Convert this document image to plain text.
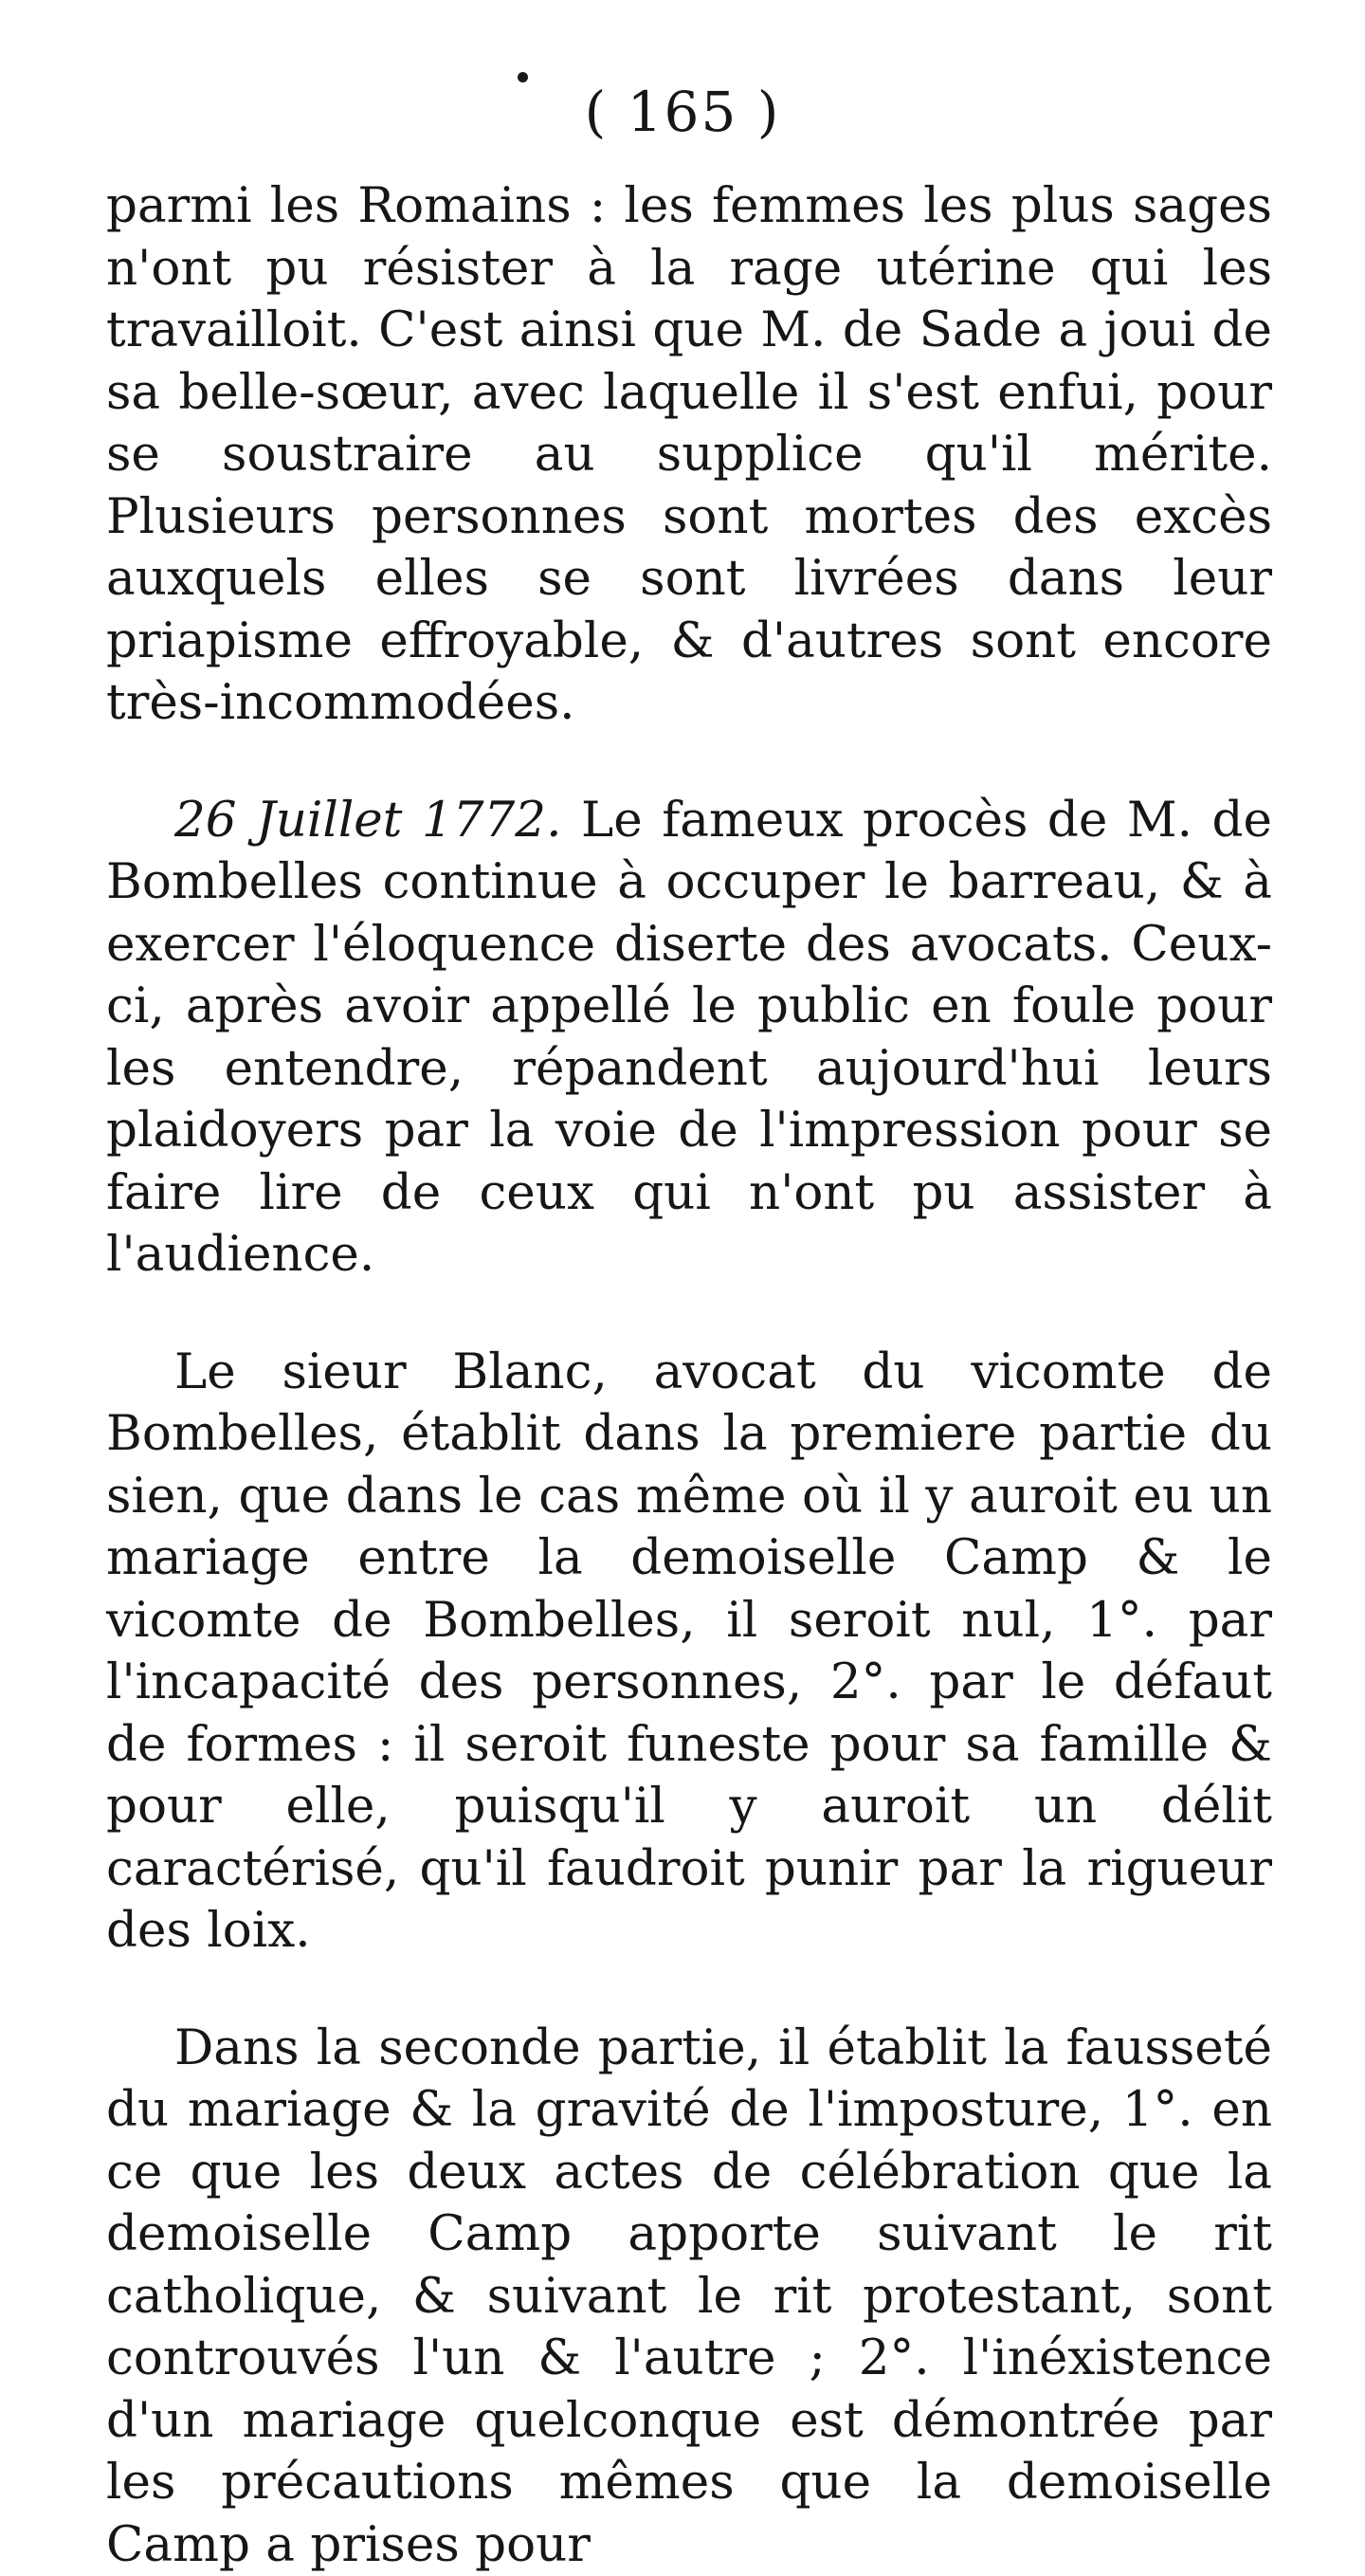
( 165 )

parmi les Romains : les femmes les plus sages n'ont pu résister à la rage utérine qui les travailloit. C'est ainsi que M. de Sade a joui de sa belle-sœur, avec laquelle il s'est enfui, pour se soustraire au supplice qu'il mérite. Plusieurs personnes sont mortes des excès auxquels elles se sont livrées dans leur priapisme effroyable, & d'autres sont encore très-incommodées.

26 Juillet 1772. Le fameux procès de M. de Bombelles continue à occuper le barreau, & à exercer l'éloquence diserte des avocats. Ceux-ci, après avoir appellé le public en foule pour les entendre, répandent aujourd'hui leurs plaidoyers par la voie de l'impression pour se faire lire de ceux qui n'ont pu assister à l'audience.

Le sieur Blanc, avocat du vicomte de Bombelles, établit dans la premiere partie du sien, que dans le cas même où il y auroit eu un mariage entre la demoiselle Camp & le vicomte de Bombelles, il seroit nul, 1°. par l'incapacité des personnes, 2°. par le défaut de formes : il seroit funeste pour sa famille & pour elle, puisqu'il y auroit un délit caractérisé, qu'il faudroit punir par la rigueur des loix.

Dans la seconde partie, il établit la fausseté du mariage & la gravité de l'imposture, 1°. en ce que les deux actes de célébration que la demoiselle Camp apporte suivant le rit catholique, & suivant le rit protestant, sont controuvés l'un & l'autre ; 2°. l'inéxistence d'un mariage quelconque est démontrée par les précautions mêmes que la demoiselle Camp a prises pour
